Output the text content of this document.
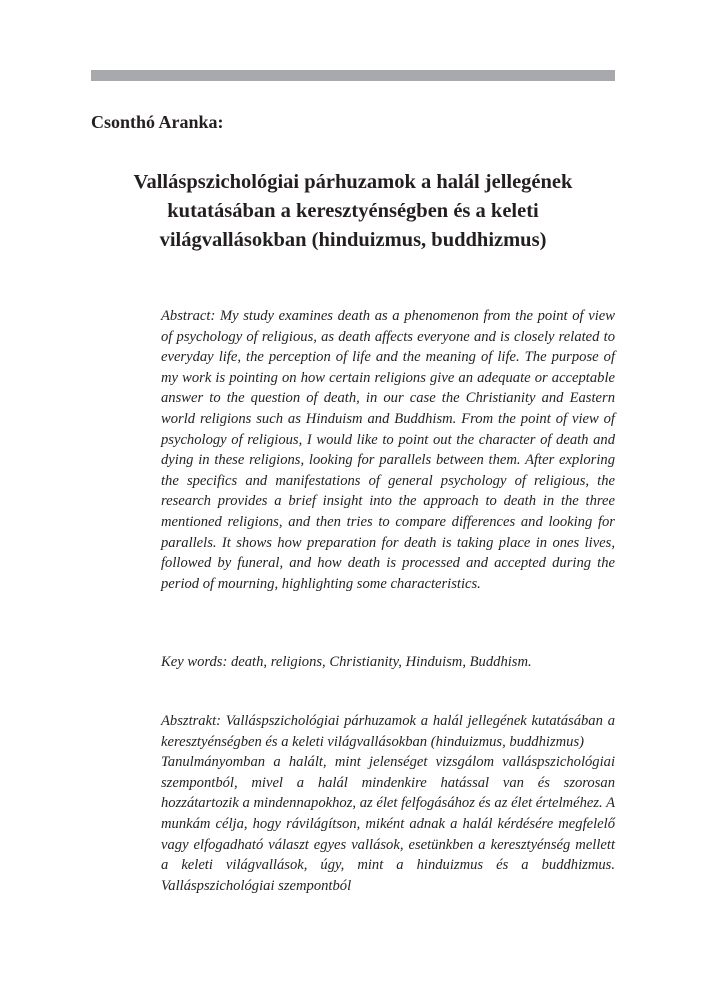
Csonthó Aranka:

Valláspszichológiai párhuzamok a halál jellegének
kutatásában a keresztyénségben és a keleti
világvallásokban (hinduizmus, buddhizmus)

Abstract: My study examines death as a phenomenon from the point of view of psychology of religious, as death affects everyone and is closely related to everyday life, the perception of life and the meaning of life. The purpose of my work is pointing on how certain religions give an adequate or acceptable answer to the question of death, in our case the Christianity and Eastern world religions such as Hinduism and Buddhism. From the point of view of psychology of religious, I would like to point out the character of death and dying in these religions, looking for parallels between them. After exploring the specifics and manifestations of general psychology of religious, the research provides a brief insight into the approach to death in the three mentioned religions, and then tries to compare differences and looking for parallels. It shows how preparation for death is taking place in ones lives, followed by funeral, and how death is processed and accepted during the period of mourning, highlighting some characteristics.

Key words: death, religions, Christianity, Hinduism, Buddhism.

Absztrakt: Valláspszichológiai párhuzamok a halál jellegének kutatásában a keresztyénségben és a keleti világvallásokban (hinduizmus, buddhizmus)
Tanulmányomban a halált, mint jelenséget vizsgálom valláspszichológiai szempontból, mivel a halál mindenkire hatással van és szorosan hozzátartozik a mindennapokhoz, az élet felfogásához és az élet értelméhez. A munkám célja, hogy rávilágítson, miként adnak a halál kérdésére megfelelő vagy elfogadható választ egyes vallások, esetünkben a keresztyénség mellett a keleti világvallások, úgy, mint a hinduizmus és a buddhizmus. Valláspszichológiai szempontból
